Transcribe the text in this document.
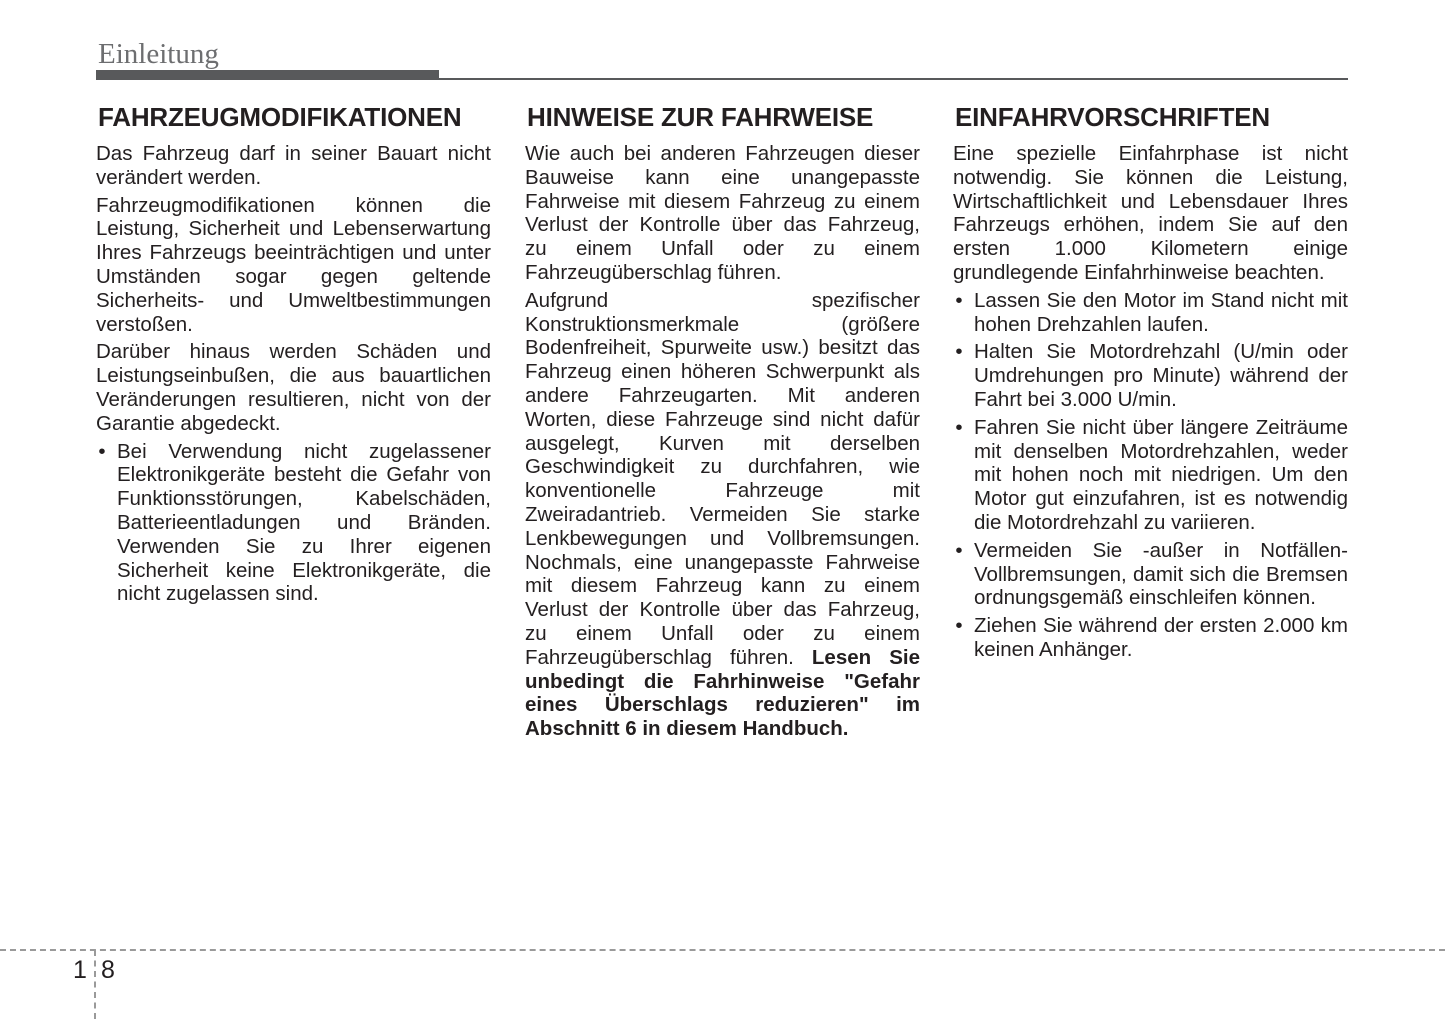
Einleitung
FAHRZEUGMODIFIKATIONEN

Das Fahrzeug darf in seiner Bauart nicht verändert werden.

Fahrzeugmodifikationen können die Leistung, Sicherheit und Lebenserwartung Ihres Fahrzeugs beeinträchtigen und unter Umständen sogar gegen geltende Sicherheits- und Umweltbestimmungen verstoßen.

Darüber hinaus werden Schäden und Leistungseinbußen, die aus bauartlichen Veränderungen resultieren, nicht von der Garantie abgedeckt.

• Bei Verwendung nicht zugelassener Elektronikgeräte besteht die Gefahr von Funktionsstörungen, Kabelschäden, Batterieentladungen und Bränden. Verwenden Sie zu Ihrer eigenen Sicherheit keine Elektronikgeräte, die nicht zugelassen sind.
HINWEISE ZUR FAHRWEISE

Wie auch bei anderen Fahrzeugen dieser Bauweise kann eine unangepasste Fahrweise mit diesem Fahrzeug zu einem Verlust der Kontrolle über das Fahrzeug, zu einem Unfall oder zu einem Fahrzeugüberschlag führen.

Aufgrund spezifischer Konstruktionsmerkmale (größere Bodenfreiheit, Spurweite usw.) besitzt das Fahrzeug einen höheren Schwerpunkt als andere Fahrzeugarten. Mit anderen Worten, diese Fahrzeuge sind nicht dafür ausgelegt, Kurven mit derselben Geschwindigkeit zu durchfahren, wie konventionelle Fahrzeuge mit Zweiradantrieb. Vermeiden Sie starke Lenkbewegungen und Vollbremsungen. Nochmals, eine unangepasste Fahrweise mit diesem Fahrzeug kann zu einem Verlust der Kontrolle über das Fahrzeug, zu einem Unfall oder zu einem Fahrzeugüberschlag führen. Lesen Sie unbedingt die Fahrhinweise "Gefahr eines Überschlags reduzieren" im Abschnitt 6 in diesem Handbuch.

EINFAHRVORSCHRIFTEN

Eine spezielle Einfahrphase ist nicht notwendig. Sie können die Leistung, Wirtschaftlichkeit und Lebensdauer Ihres Fahrzeugs erhöhen, indem Sie auf den ersten 1.000 Kilometern einige grundlegende Einfahrhinweise beachten.

• Lassen Sie den Motor im Stand nicht mit hohen Drehzahlen laufen.
• Halten Sie Motordrehzahl (U/min oder Umdrehungen pro Minute) während der Fahrt bei 3.000 U/min.
• Fahren Sie nicht über längere Zeiträume mit denselben Motordrehzahlen, weder mit hohen noch mit niedrigen. Um den Motor gut einzufahren, ist es notwendig die Motordrehzahl zu variieren.
• Vermeiden Sie -außer in Notfällen- Vollbremsungen, damit sich die Bremsen ordnungsgemäß einschleifen können.
• Ziehen Sie während der ersten 2.000 km keinen Anhänger.
1 8
